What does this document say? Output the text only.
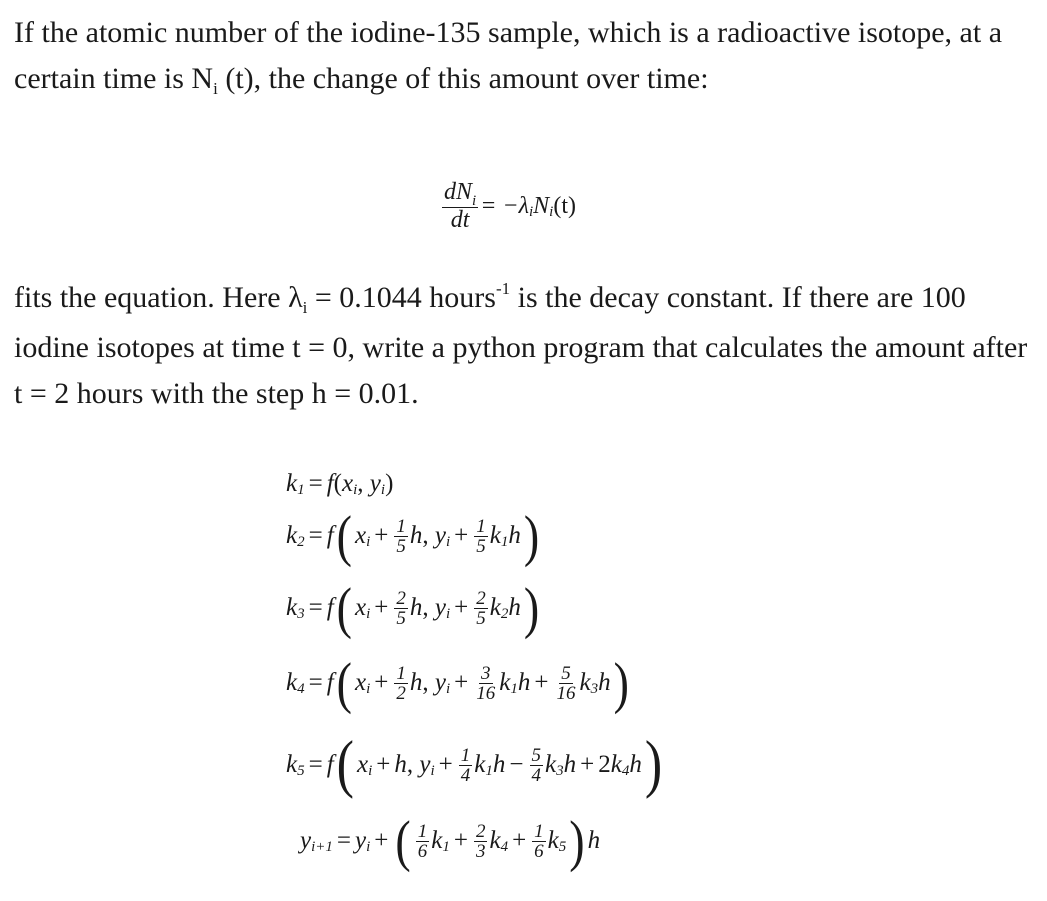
If the atomic number of the iodine-135 sample, which is a radioactive isotope, at a certain time is $N_i$ (t), the change of this amount over time:

$\frac{dN_i}{dt} = -\lambda$ i N i (t)

fits the equation. Here $\lambda_i = 0.1044$ hours$^{-1}$ is the decay constant. If there are 100 iodine isotopes at time t = 0, write a python program that calculates the amount after t = 2 hours with the step h = 0.01.

k 1 = f ( x i , y i )
k 2 = f ( x $i + \frac{1}{5}$ h , y $i + \frac{1}{5}$ k 1 h )
k 3 = f ( x $i + \frac{2}{5}$ h , y $i + \frac{2}{5}$ k 2 h )
k 4 = f ( x $i + \frac{1}{2}$ h , y $i + \frac{3}{16}$ k 1 $h + \frac{5}{16}$ k 3 h )
k 5 = f ( x i + h , y $i + \frac{1}{4}$ k 1 $h - \frac{5}{4}$ k 3 h + 2 k 4 h )
y i+1 = y i + ( $\frac{1}{6}$ k $1 + \frac{2}{3}$ k $4 + \frac{1}{6}$ k 5 ) h
